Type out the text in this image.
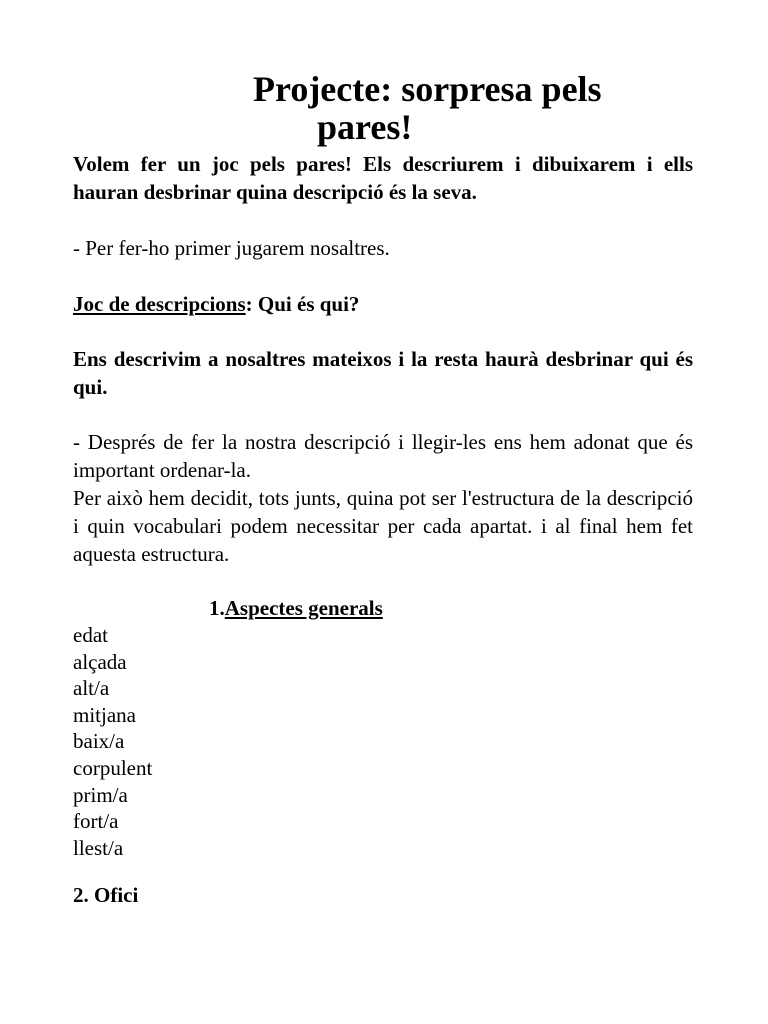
Projecte: sorpresa pels
pares!

Volem fer un joc pels pares! Els descriurem i dibuixarem i ells hauran desbrinar quina descripció és la seva.

- Per fer-ho primer jugarem nosaltres.

Joc de descripcions: Qui és qui?

Ens descrivim a nosaltres mateixos i la resta haurà desbrinar qui és qui.

- Després de fer la nostra descripció i llegir-les ens hem adonat que és important ordenar-la.

Per això hem decidit, tots junts, quina pot ser l'estructura de la descripció i quin vocabulari podem necessitar per cada apartat. i al final hem fet aquesta estructura.

1.Aspectes generals

edat
alçada
alt/a
mitjana
baix/a
corpulent
prim/a
fort/a
llest/a

2. Ofici
